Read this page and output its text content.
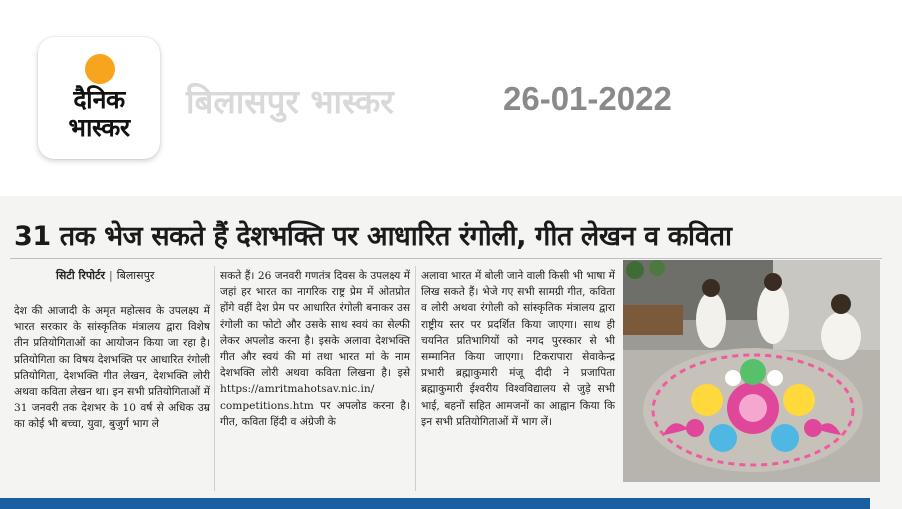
दैनिक
भास्कर
बिलासपुर भास्कर	26-01-2022
31 तक भेज सकते हैं देशभक्ति पर आधारित रंगोली, गीत लेखन व कविता
सिटी रिपोर्टर | बिलासपुर
देश की आजादी के अमृत महोत्सव के उपलक्ष्य में भारत सरकार के सांस्कृतिक मंत्रालय द्वारा विशेष तीन प्रतियोगिताओं का आयोजन किया जा रहा है। प्रतियोगिता का विषय देशभक्ति पर आधारित रंगोली प्रतियोगिता, देशभक्ति गीत लेखन, देशभक्ति लोरी अथवा कविता लेखन था। इन सभी प्रतियोगिताओं में 31 जनवरी तक देशभर के 10 वर्ष से अधिक उम्र का कोई भी बच्चा, युवा, बुजुर्ग भाग ले
सकते हैं। 26 जनवरी गणतंत्र दिवस के उपलक्ष्य में जहां हर भारत का नागरिक राष्ट्र प्रेम में ओतप्रोत होंगे वहीं देश प्रेम पर आधारित रंगोली बनाकर उस रंगोली का फोटो और उसके साथ स्वयं का सेल्फी लेकर अपलोड करना है। इसके अलावा देशभक्ति गीत और स्वयं की मां तथा भारत मां के नाम देशभक्ति लोरी अथवा कविता लिखना है। इसे https://amritmahotsav.nic.in/ competitions.htm पर अपलोड करना है। गीत, कविता हिंदी व अंग्रेजी के
अलावा भारत में बोली जाने वाली किसी भी भाषा में लिख सकते हैं। भेजे गए सभी सामग्री गीत, कविता व लोरी अथवा रंगोली को सांस्कृतिक मंत्रालय द्वारा राष्ट्रीय स्तर पर प्रदर्शित किया जाएगा। साथ ही चयनित प्रतिभागियों को नगद पुरस्कार से भी सम्मानित किया जाएगा। टिकरापारा सेवाकेन्द्र प्रभारी ब्रह्माकुमारी मंजू दीदी ने प्रजापिता ब्रह्माकुमारी ईश्वरीय विश्वविद्यालय से जुड़े सभी भाई, बहनों सहित आमजनों का आह्वान किया कि इन सभी प्रतियोगिताओं में भाग लें।
